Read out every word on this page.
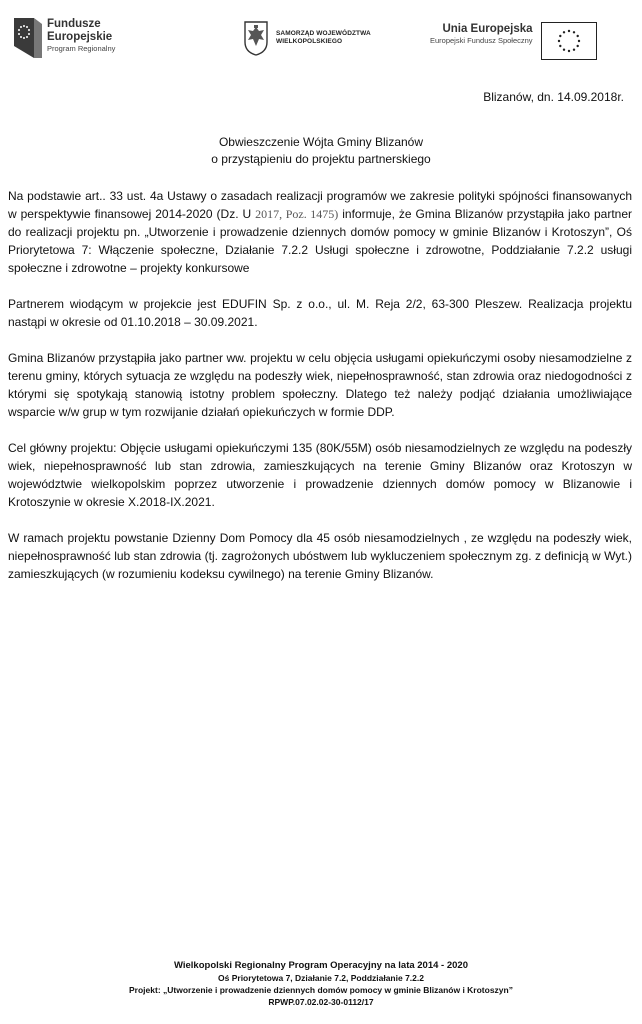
Fundusze
Europejskie
Program Regionalny
SAMORZĄD WOJEWÓDZTWA
WIELKOPOLSKIEGO
Unia Europejska
Europejski Fundusz Społeczny
Blizanów, dn. 14.09.2018r.
Obwieszczenie Wójta Gminy Blizanów
o przystąpieniu do projektu partnerskiego

Na podstawie art.. 33 ust. 4a Ustawy o zasadach realizacji programów we zakresie polityki spójności finansowanych w perspektywie finansowej 2014-2020 (Dz. U 2017, Poz. 1475) informuje, że Gmina Blizanów przystąpiła jako partner do realizacji projektu pn. „Utworzenie i prowadzenie dziennych domów pomocy w gminie Blizanów i Krotoszyn”, Oś Priorytetowa 7: Włączenie społeczne, Działanie 7.2.2 Usługi społeczne i zdrowotne, Poddziałanie 7.2.2 usługi społeczne i zdrowotne – projekty konkursowe

Partnerem wiodącym w projekcie jest EDUFIN Sp. z o.o., ul. M. Reja 2/2, 63-300 Pleszew. Realizacja projektu nastąpi w okresie od 01.10.2018 – 30.09.2021.

Gmina Blizanów przystąpiła jako partner ww. projektu w celu objęcia usługami opiekuńczymi osoby niesamodzielne z terenu gminy, których sytuacja ze względu na podeszły wiek, niepełnosprawność, stan zdrowia oraz niedogodności z którymi się spotykają stanowią istotny problem społeczny. Dlatego też należy podjąć działania umożliwiające wsparcie w/w grup w tym rozwijanie działań opiekuńczych w formie DDP.

Cel główny projektu: Objęcie usługami opiekuńczymi 135 (80K/55M) osób niesamodzielnych ze względu na podeszły wiek, niepełnosprawność lub stan zdrowia, zamieszkujących na terenie Gminy Blizanów oraz Krotoszyn w województwie wielkopolskim poprzez utworzenie i prowadzenie dziennych domów pomocy w Blizanowie i Krotoszynie w okresie X.2018-IX.2021.

W ramach projektu powstanie Dzienny Dom Pomocy dla 45 osób niesamodzielnych , ze względu na podeszły wiek, niepełnosprawność lub stan zdrowia (tj. zagrożonych ubóstwem lub wykluczeniem społecznym zg. z definicją w Wyt.) zamieszkujących (w rozumieniu kodeksu cywilnego) na terenie Gminy Blizanów.

Wielkopolski Regionalny Program Operacyjny na lata 2014 - 2020
Oś Priorytetowa 7, Działanie 7.2, Poddziałanie 7.2.2
Projekt: „Utworzenie i prowadzenie dziennych domów pomocy w gminie Blizanów i Krotoszyn”
RPWP.07.02.02-30-0112/17
